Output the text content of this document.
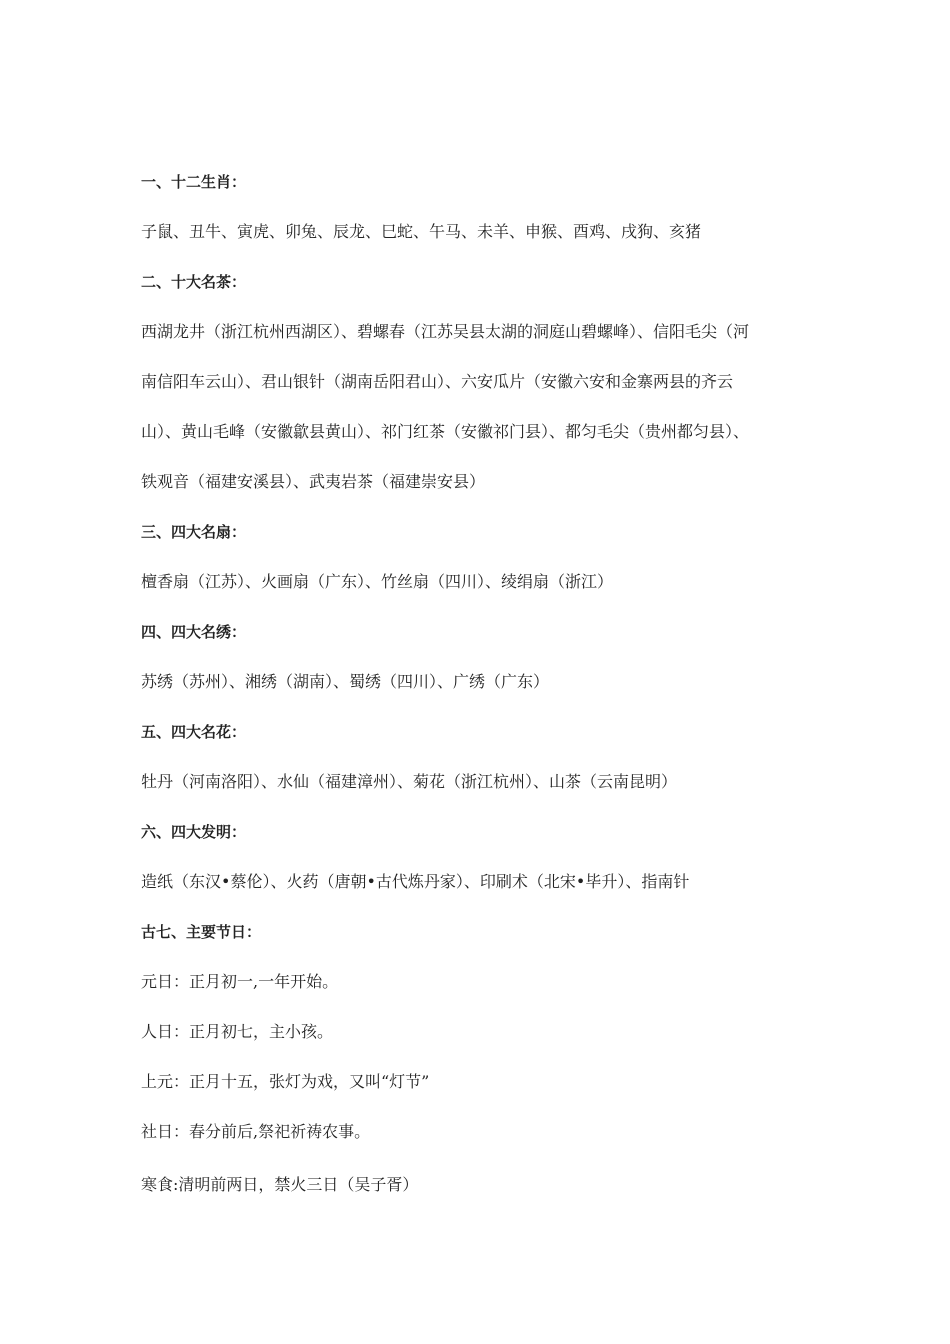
一、十二生肖：
子鼠、丑牛、寅虎、卯兔、辰龙、巳蛇、午马、未羊、申猴、酉鸡、戌狗、亥猪
二、十大名茶：
西湖龙井（浙江杭州西湖区）、碧螺春（江苏吴县太湖的洞庭山碧螺峰）、信阳毛尖（河
南信阳车云山）、君山银针（湖南岳阳君山）、六安瓜片（安徽六安和金寨两县的齐云
山）、黄山毛峰（安徽歙县黄山）、祁门红茶（安徽祁门县）、都匀毛尖（贵州都匀县）、
铁观音（福建安溪县）、武夷岩茶（福建崇安县）
三、四大名扇：
檀香扇（江苏）、火画扇（广东）、竹丝扇（四川）、绫绢扇（浙江）
四、四大名绣：
苏绣（苏州）、湘绣（湖南）、蜀绣（四川）、广绣（广东）
五、四大名花：
牡丹（河南洛阳）、水仙（福建漳州）、菊花（浙江杭州）、山茶（云南昆明）
六、四大发明：
造纸（东汉•蔡伦）、火药（唐朝•古代炼丹家）、印刷术（北宋•毕升）、指南针
古七、主要节日：
元日：正月初一,一年开始。
人日：正月初七，主小孩。
上元：正月十五，张灯为戏，又叫“灯节”
社日：春分前后,祭祀祈祷农事。
寒食:清明前两日，禁火三日（吴子胥）
